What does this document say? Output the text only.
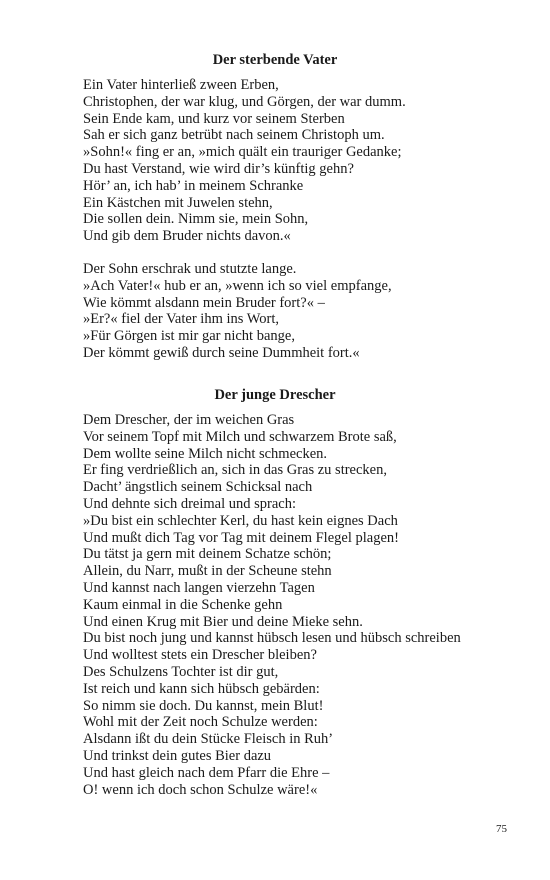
Der sterbende Vater
Ein Vater hinterließ zween Erben,
Christophen, der war klug, und Görgen, der war dumm.
Sein Ende kam, und kurz vor seinem Sterben
Sah er sich ganz betrübt nach seinem Christoph um.
»Sohn!« fing er an, »mich quält ein trauriger Gedanke;
Du hast Verstand, wie wird dir’s künftig gehn?
Hör’ an, ich hab’ in meinem Schranke
Ein Kästchen mit Juwelen stehn,
Die sollen dein. Nimm sie, mein Sohn,
Und gib dem Bruder nichts davon.«
Der Sohn erschrak und stutzte lange.
»Ach Vater!« hub er an, »wenn ich so viel empfange,
Wie kömmt alsdann mein Bruder fort?« –
»Er?« fiel der Vater ihm ins Wort,
»Für Görgen ist mir gar nicht bange,
Der kömmt gewiß durch seine Dummheit fort.«
Der junge Drescher
Dem Drescher, der im weichen Gras
Vor seinem Topf mit Milch und schwarzem Brote saß,
Dem wollte seine Milch nicht schmecken.
Er fing verdrießlich an, sich in das Gras zu strecken,
Dacht’ ängstlich seinem Schicksal nach
Und dehnte sich dreimal und sprach:
»Du bist ein schlechter Kerl, du hast kein eignes Dach
Und mußt dich Tag vor Tag mit deinem Flegel plagen!
Du tätst ja gern mit deinem Schatze schön;
Allein, du Narr, mußt in der Scheune stehn
Und kannst nach langen vierzehn Tagen
Kaum einmal in die Schenke gehn
Und einen Krug mit Bier und deine Mieke sehn.
Du bist noch jung und kannst hübsch lesen und hübsch schreiben
Und wolltest stets ein Drescher bleiben?
Des Schulzens Tochter ist dir gut,
Ist reich und kann sich hübsch gebärden:
So nimm sie doch. Du kannst, mein Blut!
Wohl mit der Zeit noch Schulze werden:
Alsdann ißt du dein Stücke Fleisch in Ruh’
Und trinkst dein gutes Bier dazu
Und hast gleich nach dem Pfarr die Ehre –
O! wenn ich doch schon Schulze wäre!«
75
